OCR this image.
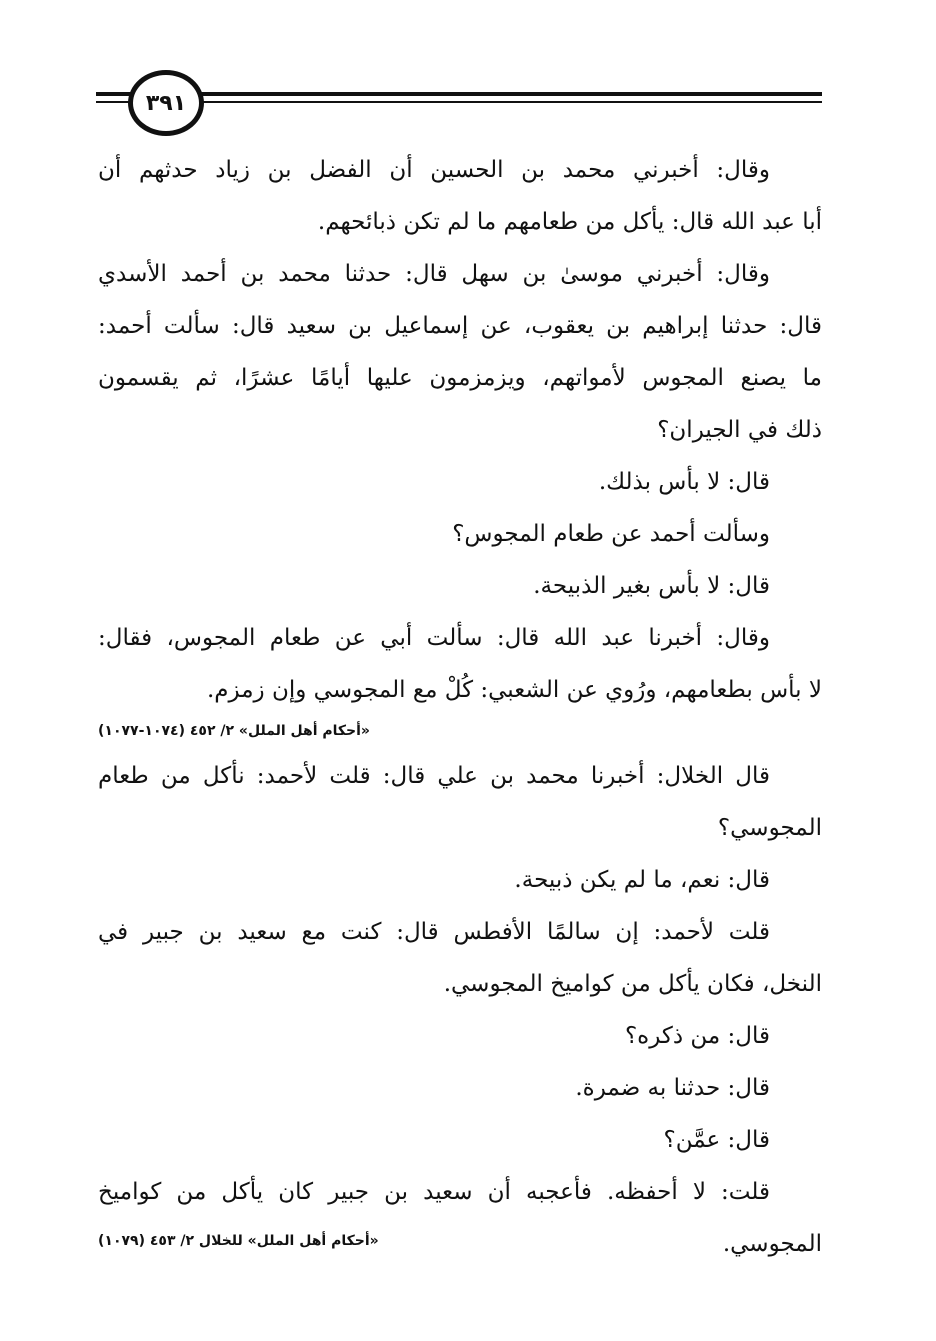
٣٩١
وقال: أخبرني محمد بن الحسين أن الفضل بن زياد حدثهم أن
أبا عبد الله قال: يأكل من طعامهم ما لم تكن ذبائحهم.
وقال: أخبرني موسىٰ بن سهل قال: حدثنا محمد بن أحمد الأسدي
قال: حدثنا إبراهيم بن يعقوب، عن إسماعيل بن سعيد قال: سألت أحمد:
ما يصنع المجوس لأمواتهم، ويزمزمون عليها أيامًا عشرًا، ثم يقسمون
ذلك في الجيران؟
قال: لا بأس بذلك.
وسألت أحمد عن طعام المجوس؟
قال: لا بأس بغير الذبيحة.
وقال: أخبرنا عبد الله قال: سألت أبي عن طعام المجوس، فقال:
لا بأس بطعامهم، ورُوي عن الشعبي: كُلْ مع المجوسي وإن زمزم.
«أحكام أهل الملل» ٢/ ٤٥٢ (١٠٧٤-١٠٧٧)
قال الخلال: أخبرنا محمد بن علي قال: قلت لأحمد: نأكل من طعام
المجوسي؟
قال: نعم، ما لم يكن ذبيحة.
قلت لأحمد: إن سالمًا الأفطس قال: كنت مع سعيد بن جبير في
النخل، فكان يأكل من كواميخ المجوسي.
قال: من ذكره؟
قال: حدثنا به ضمرة.
قال: عمَّن؟
قلت: لا أحفظه. فأعجبه أن سعيد بن جبير كان يأكل من كواميخ
المجوسي.
«أحكام أهل الملل» للخلال ٢/ ٤٥٣ (١٠٧٩)
